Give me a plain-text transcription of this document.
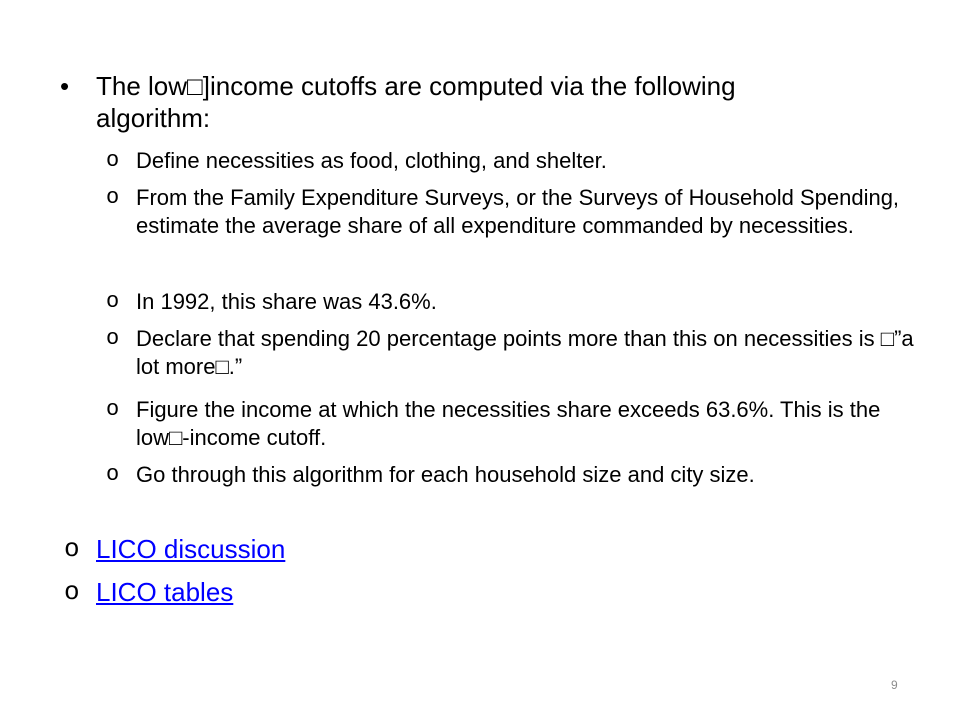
• The low□]income cutoffs are computed via the following algorithm:
o Define necessities as food, clothing, and shelter.
o From the Family Expenditure Surveys, or the Surveys of Household Spending, estimate the average share of all expenditure commanded by necessities.
o In 1992, this share was 43.6%.
o Declare that spending 20 percentage points more than this on necessities is □”a lot more□.”
o Figure the income at which the necessities share exceeds 63.6%. This is the low□-income cutoff.
o Go through this algorithm for each household size and city size.
o LICO discussion
o LICO tables
9
